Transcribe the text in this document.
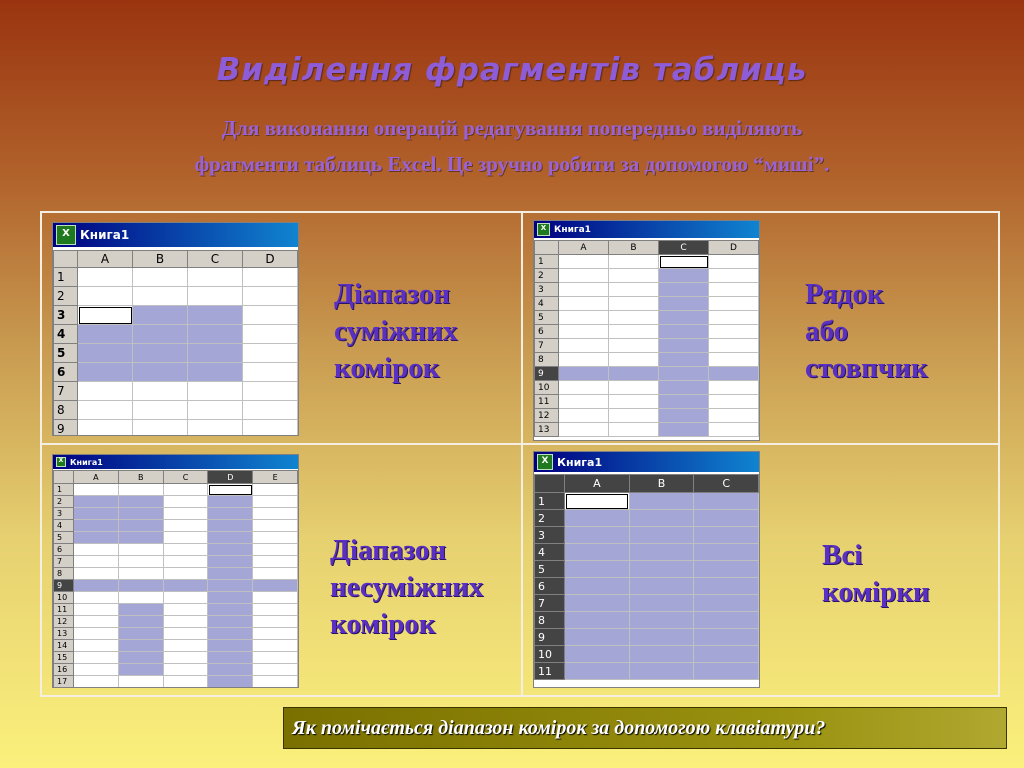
Виділення фрагментів таблиць
Для виконання операцій редагування попередньо виділяють
фрагменти таблиць Excel. Це зручно робити за допомогою “миші”.
X Книга1
	A	B	C	D
1				
2				
3				
4				
5				
6				
7				
8				
9				
X Книга1
	A	B	C	D
1				
2				
3				
4				
5				
6				
7				
8				
9				
10				
11				
12				
13				
X Книга1
	A	B	C	D	E
1					
2					
3					
4					
5					
6					
7					
8					
9					
10					
11					
12					
13					
14					
15					
16					
17					
X Книга1
	A	B	C
1			
2			
3			
4			
5			
6			
7			
8			
9			
10			
11			
Діапазон
суміжних
комірок
Рядок
або
стовпчик
Діапазон
несуміжних
комірок
Всі
комірки
Як помічається діапазон комірок за допомогою клавіатури?
